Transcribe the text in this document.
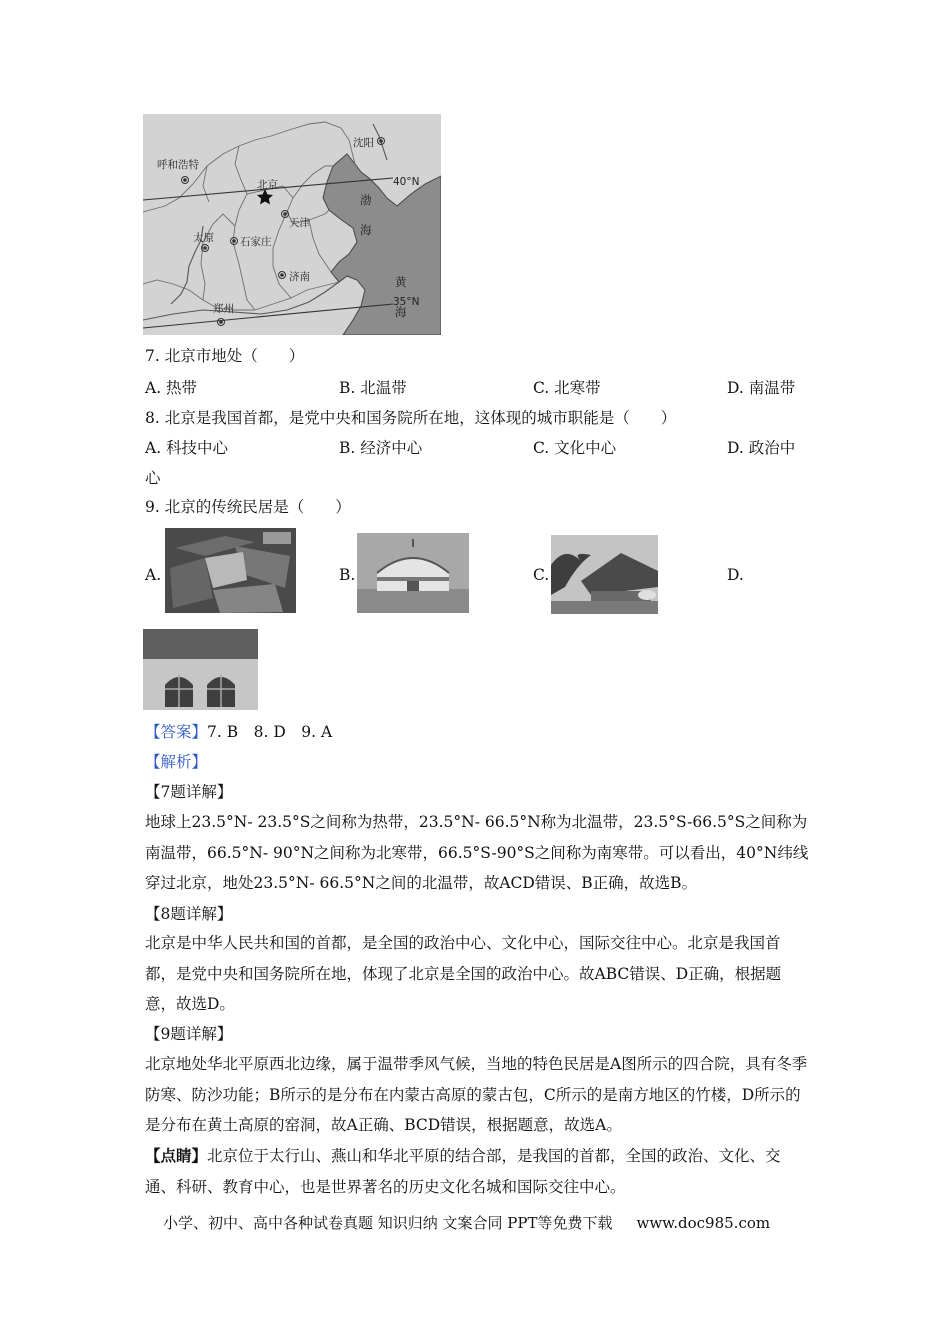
沈阳
呼和浩特
北京
天津
太原 石家庄
济南
郑州
40°N
35°N
渤
海
黄
海
7. 北京市地处（　　）
A. 热带	B. 北温带	C. 北寒带	D. 南温带
8. 北京是我国首都，是党中央和国务院所在地，这体现的城市职能是（　　）
A. 科技中心	B. 经济中心	C. 文化中心	D. 政治中
心
9. 北京的传统民居是（　　）
A.	B.	C.	D.
【答案】7. B　8. D　9. A
【解析】
【7题详解】
地球上23.5°N- 23.5°S之间称为热带，23.5°N- 66.5°N称为北温带，23.5°S-66.5°S之间称为南温带，66.5°N- 90°N之间称为北寒带，66.5°S-90°S之间称为南寒带。可以看出，40°N纬线穿过北京，地处23.5°N- 66.5°N之间的北温带，故ACD错误、B正确，故选B。
【8题详解】
北京是中华人民共和国的首都，是全国的政治中心、文化中心，国际交往中心。北京是我国首都，是党中央和国务院所在地，体现了北京是全国的政治中心。故ABC错误、D正确，根据题意，故选D。
【9题详解】
北京地处华北平原西北边缘，属于温带季风气候，当地的特色民居是A图所示的四合院，具有冬季防寒、防沙功能；B所示的是分布在内蒙古高原的蒙古包，C所示的是南方地区的竹楼，D所示的是分布在黄土高原的窑洞，故A正确、BCD错误，根据题意，故选A。
【点睛】北京位于太行山、燕山和华北平原的结合部，是我国的首都，全国的政治、文化、交通、科研、教育中心，也是世界著名的历史文化名城和国际交往中心。
小学、初中、高中各种试卷真题 知识归纳 文案合同 PPT等免费下载 www.doc985.com
